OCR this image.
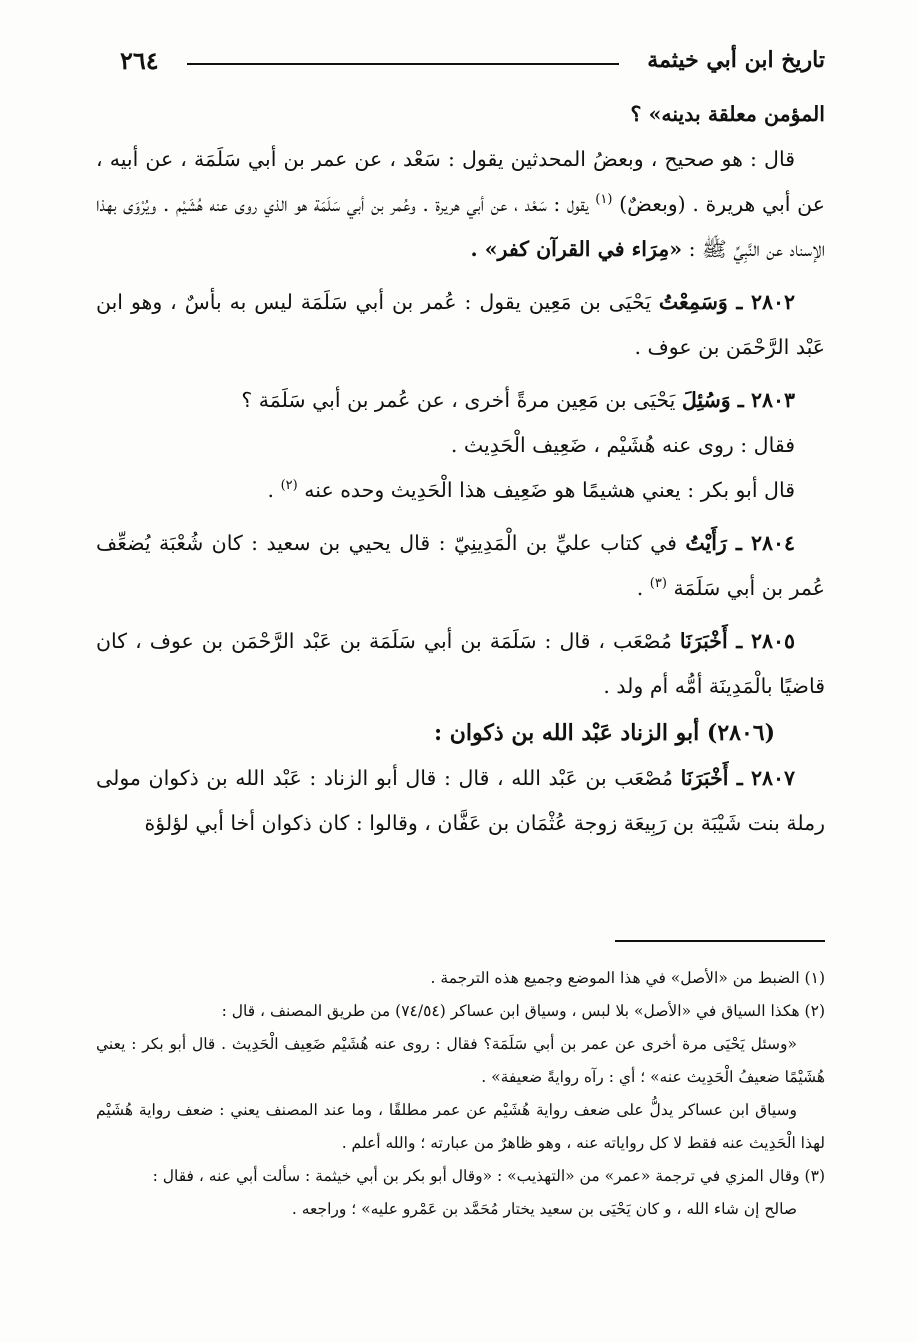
تاريخ ابن أبي خيثمة
٢٦٤

المؤمن معلقة بدينه» ؟

قال : هو صحيح ، وبعضُ المحدثين يقول : سَعْد ، عن عمر بن أبي سَلَمَة ، عن أبيه ، عن أبي هريرة . (وبعضٌ) $^{(١)}$ يقول : سَعْد ، عن أبي هريرة . وعُمر بن أبي سَلَمَة هو الذي روى عنه هُشَيْم . ويُرْوَى بهذا الإسناد عن النَّبِيِّ ﷺ : «مِرَاء في القرآن كفر» .

٢٨٠٢ ـ وَسَمِعْتُ يَحْيَى بن مَعِين يقول : عُمر بن أبي سَلَمَة ليس به بأسٌ ، وهو ابن عَبْد الرَّحْمَن بن عوف .

٢٨٠٣ ـ وَسُئِلَ يَحْيَى بن مَعِين مرةً أخرى ، عن عُمر بن أبي سَلَمَة ؟

فقال : روى عنه هُشَيْم ، ضَعِيف الْحَدِيث .

قال أبو بكر : يعني هشيمًا هو ضَعِيف هذا الْحَدِيث وحده عنه $^{(٢)}$ .

٢٨٠٤ ـ رَأَيْتُ في كتاب عليِّ بن الْمَدِينِيّ : قال يحيي بن سعيد : كان شُعْبَة يُضعِّف عُمر بن أبي سَلَمَة $^{(٣)}$ .

٢٨٠٥ ـ أَخْبَرَنَا مُصْعَب ، قال : سَلَمَة بن أبي سَلَمَة بن عَبْد الرَّحْمَن بن عوف ، كان قاضيًا بالْمَدِينَة أمُّه أم ولد .

(٢٨٠٦) أبو الزناد عَبْد الله بن ذكوان :

٢٨٠٧ ـ أَخْبَرَنَا مُصْعَب بن عَبْد الله ، قال : قال أبو الزناد : عَبْد الله بن ذكوان مولى رملة بنت شَيْبَة بن رَبِيعَة زوجة عُثْمَان بن عَفَّان ، وقالوا : كان ذكوان أخا أبي لؤلؤة

(١) الضبط من «الأصل» في هذا الموضع وجميع هذه الترجمة .

(٢) هكذا السياق في «الأصل» بلا لبس ، وسياق ابن عساكر (٧٤/٥٤) من طريق المصنف ، قال :

«وسئل يَحْيَى مرة أخرى عن عمر بن أبي سَلَمَة؟ فقال : روى عنه هُشَيْم ضَعِيف الْحَدِيث . قال أبو بكر : يعني هُشَيْمًا ضعيفُ الْحَدِيث عنه» ؛ أي : رآه روايةً ضعيفة» .

وسياق ابن عساكر يدلُّ على ضعف رواية هُشَيْم عن عمر مطلقًا ، وما عند المصنف يعني : ضعف رواية هُشَيْم لهذا الْحَدِيث عنه فقط لا كل رواياته عنه ، وهو ظاهرٌ من عبارته ؛ والله أعلم .

(٣) وقال المزي في ترجمة «عمر» من «التهذيب» : «وقال أبو بكر بن أبي خيثمة : سألت أبي عنه ، فقال :

صالح إن شاء الله ، و كان يَحْيَى بن سعيد يختار مُحَمَّد بن عَمْرو عليه» ؛ وراجعه .
